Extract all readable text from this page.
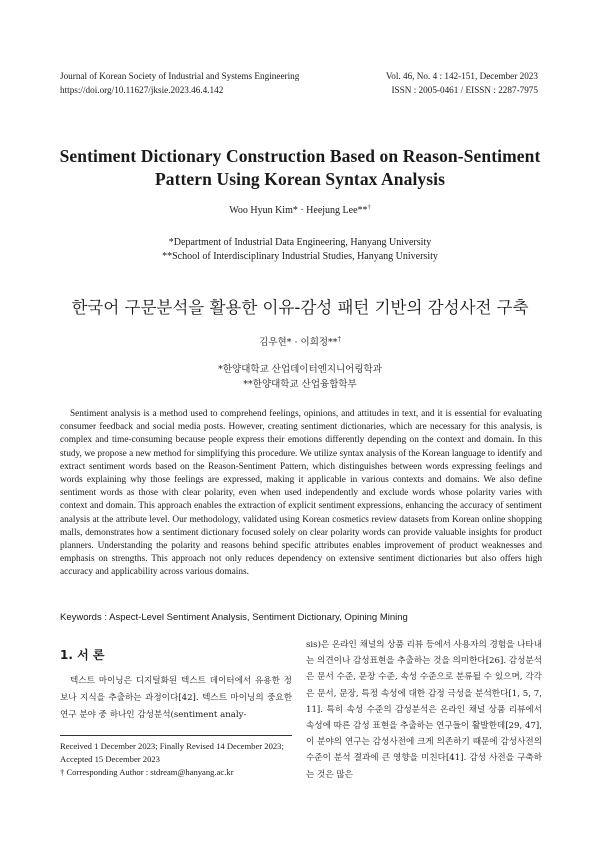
Journal of Korean Society of Industrial and Systems Engineering
https://doi.org/10.11627/jksie.2023.46.4.142
Vol. 46, No. 4 : 142-151, December 2023
ISSN : 2005-0461 / EISSN : 2287-7975
Sentiment Dictionary Construction Based on Reason-Sentiment
Pattern Using Korean Syntax Analysis
Woo Hyun Kim* · Heejung Lee**†
*Department of Industrial Data Engineering, Hanyang University
**School of Interdisciplinary Industrial Studies, Hanyang University
한국어 구문분석을 활용한 이유-감성 패턴 기반의 감성사전 구축
김우현* · 이희정**†
*한양대학교 산업데이터엔지니어링학과
**한양대학교 산업융합학부

Sentiment analysis is a method used to comprehend feelings, opinions, and attitudes in text, and it is essential for evaluating consumer feedback and social media posts. However, creating sentiment dictionaries, which are necessary for this analysis, is complex and time-consuming because people express their emotions differently depending on the context and domain. In this study, we propose a new method for simplifying this procedure. We utilize syntax analysis of the Korean language to identify and extract sentiment words based on the Reason-Sentiment Pattern, which distinguishes between words expressing feelings and words explaining why those feelings are expressed, making it applicable in various contexts and domains. We also define sentiment words as those with clear polarity, even when used independently and exclude words whose polarity varies with context and domain. This approach enables the extraction of explicit sentiment expressions, enhancing the accuracy of sentiment analysis at the attribute level. Our methodology, validated using Korean cosmetics review datasets from Korean online shopping malls, demonstrates how a sentiment dictionary focused solely on clear polarity words can provide valuable insights for product planners. Understanding the polarity and reasons behind specific attributes enables improvement of product weaknesses and emphasis on strengths. This approach not only reduces dependency on extensive sentiment dictionaries but also offers high accuracy and applicability across various domains.

Keywords : Aspect-Level Sentiment Analysis, Sentiment Dictionary, Opining Mining
1. 서 론

텍스트 마이닝은 디지털화된 텍스트 데이터에서 유용한 정보나 지식을 추출하는 과정이다[42]. 텍스트 마이닝의 중요한 연구 분야 중 하나인 감성분석(sentiment analy-

sis)은 온라인 채널의 상품 리뷰 등에서 사용자의 경험을 나타내는 의견이나 감성표현을 추출하는 것을 의미한다[26]. 감성분석은 문서 수준, 문장 수준, 속성 수준으로 분류될 수 있으며, 각각은 문서, 문장, 특정 속성에 대한 감정 극성을 분석한다[1, 5, 7, 11]. 특히 속성 수준의 감성분석은 온라인 채널 상품 리뷰에서 속성에 따른 감성 표현을 추출하는 연구들이 활발한데[29, 47], 이 분야의 연구는 감성사전에 크게 의존하기 때문에 감성사전의 수준이 분석 결과에 큰 영향을 미친다[41]. 감성 사전을 구축하는 것은 많은

Received 1 December 2023; Finally Revised 14 December 2023;
Accepted 15 December 2023
† Corresponding Author : stdream@hanyang.ac.kr
